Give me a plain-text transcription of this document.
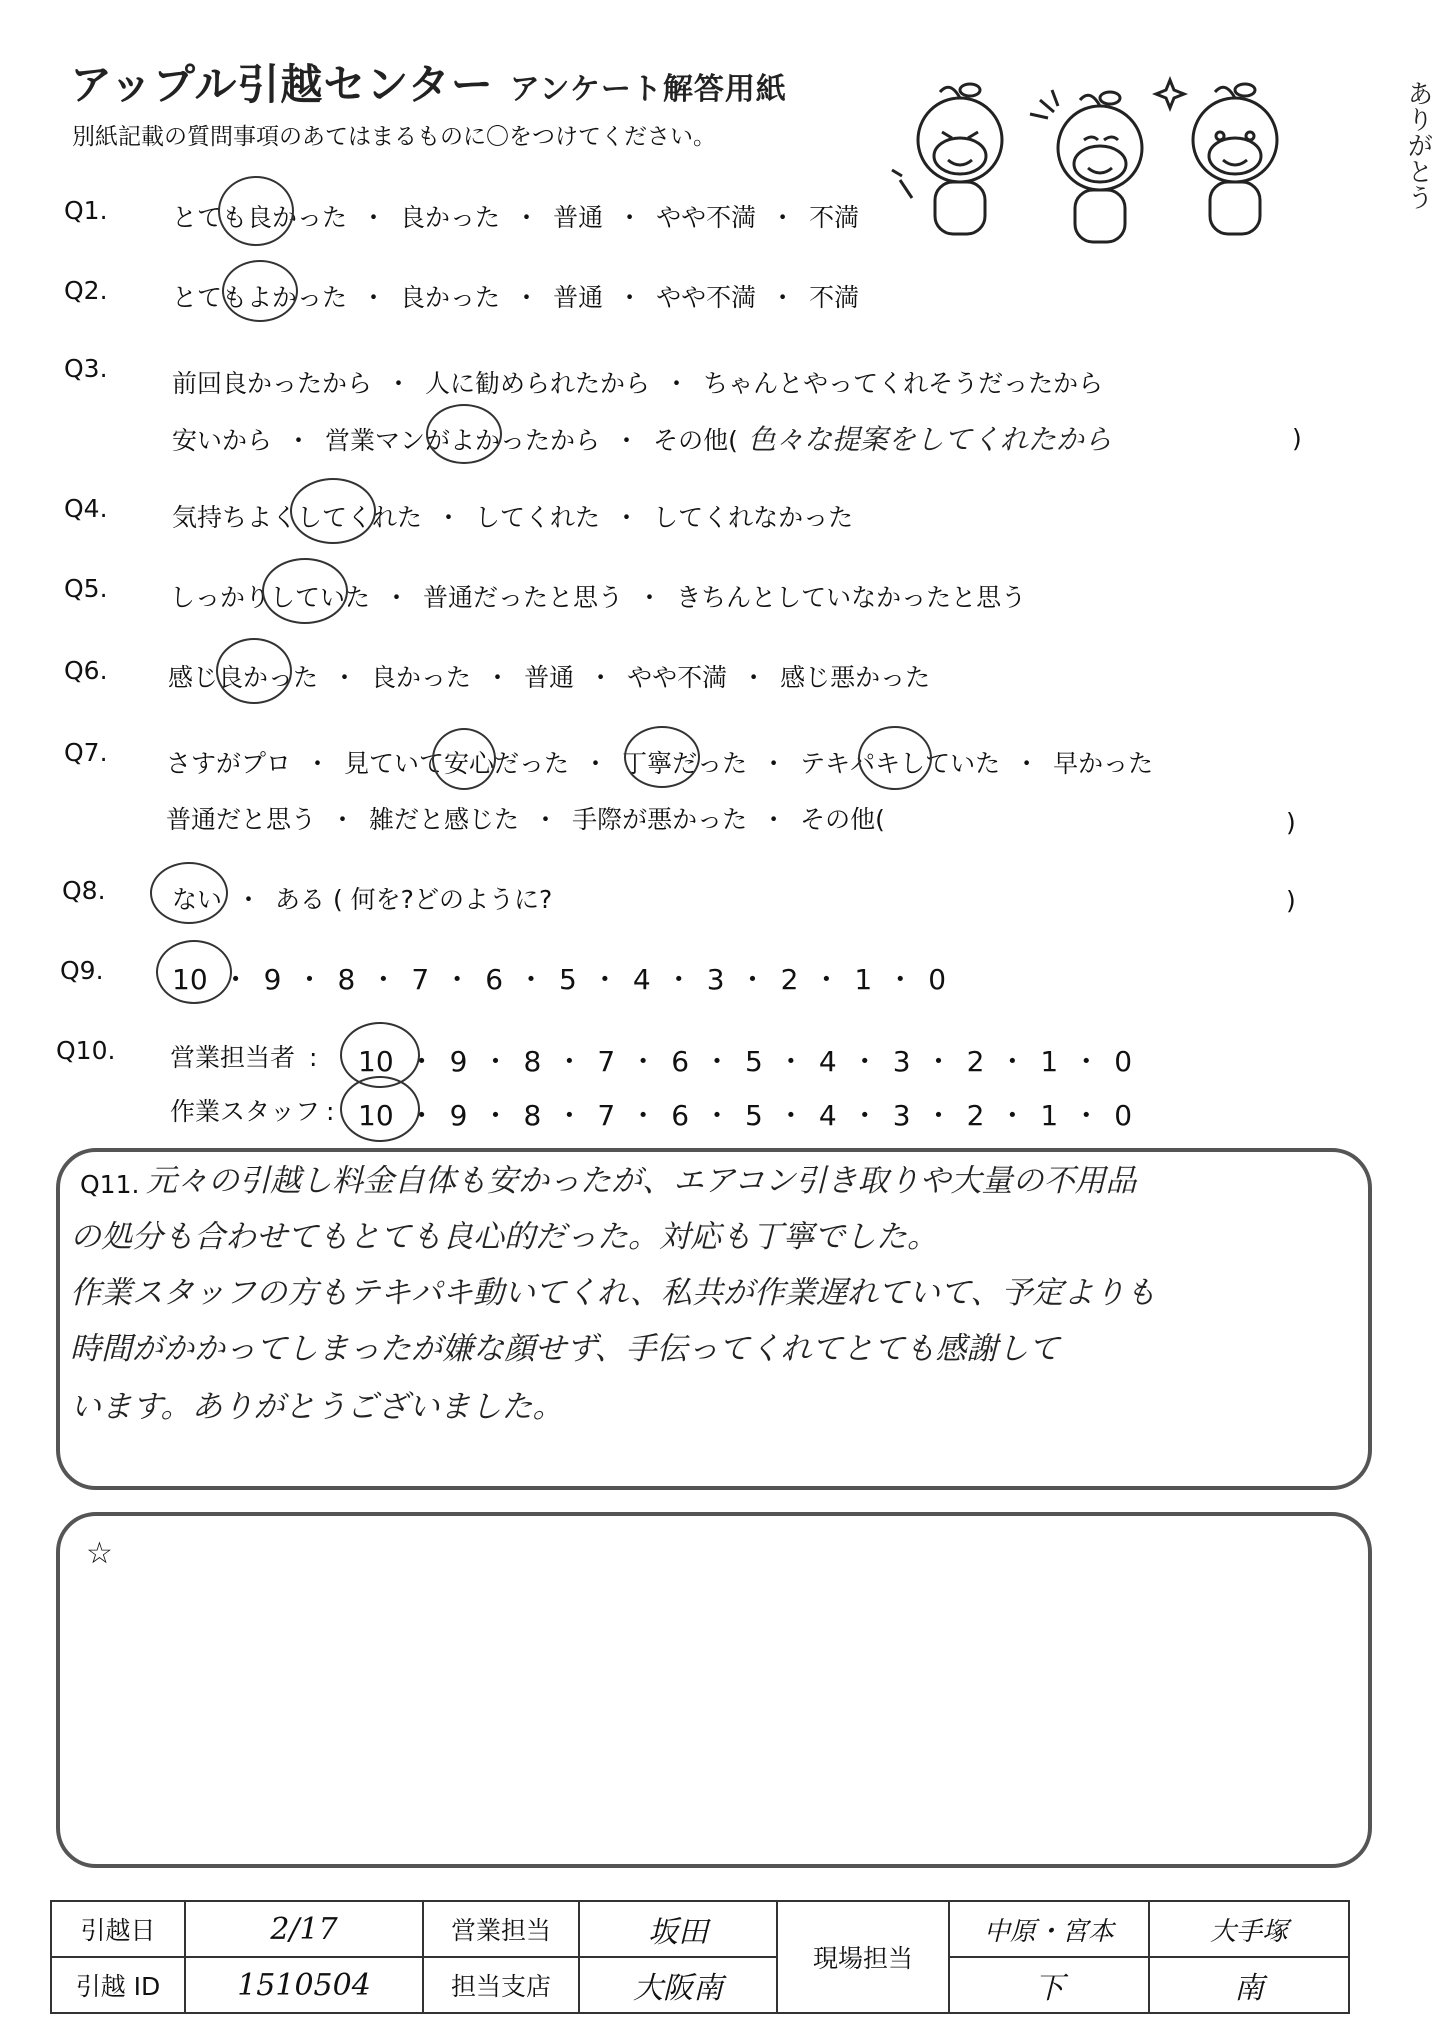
アップル引越センター アンケート解答用紙
別紙記載の質問事項のあてはまるものに〇をつけてください。	ありがとう
Q1.	とても良かった ・ 良かった ・ 普通 ・ やや不満 ・ 不満
Q2.	とてもよかった ・ 良かった ・ 普通 ・ やや不満 ・ 不満
Q3.
前回良かったから ・ 人に勧められたから ・ ちゃんとやってくれそうだったから
安いから ・ 営業マンがよかったから ・ その他( 色々な提案をしてくれたから	)
Q4.	気持ちよくしてくれた ・ してくれた ・ してくれなかった
Q5. しっかりしていた ・ 普通だったと思う ・ きちんとしていなかったと思う
Q6. 感じ良かった ・ 良かった ・ 普通 ・ やや不満 ・ 感じ悪かった
Q7. さすがプロ ・ 見ていて安心だった ・ 丁寧だった ・ テキパキしていた ・ 早かった
普通だと思う ・ 雑だと感じた ・ 手際が悪かった ・ その他(	)
Q8.	ない ・ ある ( 何を?どのように?	)
Q9. 10 ・ 9 ・ 8 ・ 7 ・ 6 ・ 5 ・ 4 ・ 3 ・ 2 ・ 1 ・ 0
Q10. 営業担当者 : 10 ・ 9 ・ 8 ・ 7 ・ 6 ・ 5 ・ 4 ・ 3 ・ 2 ・ 1 ・ 0
作業スタッフ : 10 ・ 9 ・ 8 ・ 7 ・ 6 ・ 5 ・ 4 ・ 3 ・ 2 ・ 1 ・ 0
Q11. 元々の引越し料金自体も安かったが、エアコン引き取りや大量の不用品
の処分も合わせてもとても良心的だった。対応も丁寧でした。
作業スタッフの方もテキパキ動いてくれ、私共が作業遅れていて、予定よりも
時間がかかってしまったが嫌な顔せず、手伝ってくれてとても感謝して
います。ありがとうございました。
☆
引越日	2/17	営業担当	坂田	現場担当	中原・宮本	大手塚
引越 ID	1510504	担当支店	大阪南		下	南
